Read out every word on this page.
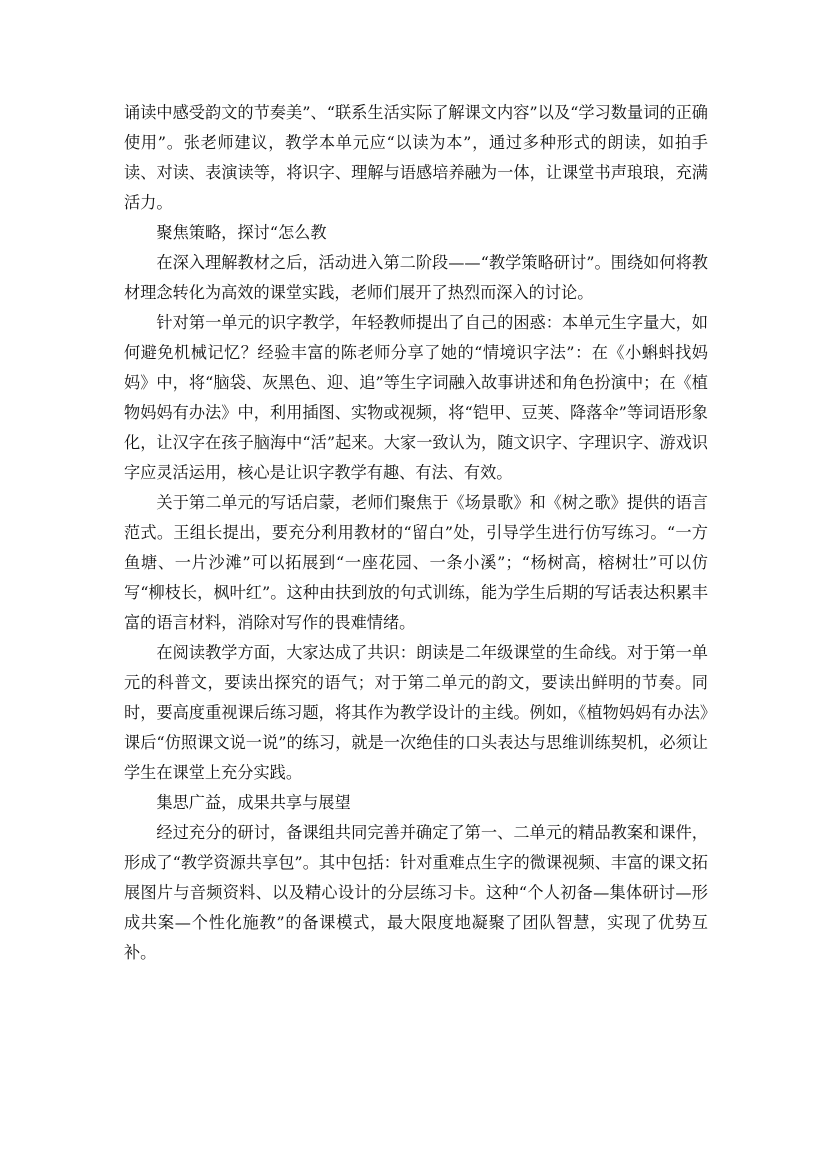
诵读中感受韵文的节奏美”、“联系生活实际了解课文内容”以及“学习数量词的正确使用”。张老师建议，教学本单元应“以读为本”，通过多种形式的朗读，如拍手读、对读、表演读等，将识字、理解与语感培养融为一体，让课堂书声琅琅，充满活力。

聚焦策略，探讨“怎么教

在深入理解教材之后，活动进入第二阶段——“教学策略研讨”。围绕如何将教材理念转化为高效的课堂实践，老师们展开了热烈而深入的讨论。

针对第一单元的识字教学，年轻教师提出了自己的困惑：本单元生字量大，如何避免机械记忆？经验丰富的陈老师分享了她的“情境识字法”：在《小蝌蚪找妈妈》中，将“脑袋、灰黑色、迎、追”等生字词融入故事讲述和角色扮演中；在《植物妈妈有办法》中，利用插图、实物或视频，将“铠甲、豆荚、降落伞”等词语形象化，让汉字在孩子脑海中“活”起来。大家一致认为，随文识字、字理识字、游戏识字应灵活运用，核心是让识字教学有趣、有法、有效。

关于第二单元的写话启蒙，老师们聚焦于《场景歌》和《树之歌》提供的语言范式。王组长提出，要充分利用教材的“留白”处，引导学生进行仿写练习。“一方鱼塘、一片沙滩”可以拓展到“一座花园、一条小溪”；“杨树高，榕树壮”可以仿写“柳枝长，枫叶红”。这种由扶到放的句式训练，能为学生后期的写话表达积累丰富的语言材料，消除对写作的畏难情绪。

在阅读教学方面，大家达成了共识：朗读是二年级课堂的生命线。对于第一单元的科普文，要读出探究的语气；对于第二单元的韵文，要读出鲜明的节奏。同时，要高度重视课后练习题，将其作为教学设计的主线。例如，《植物妈妈有办法》课后“仿照课文说一说”的练习，就是一次绝佳的口头表达与思维训练契机，必须让学生在课堂上充分实践。

集思广益，成果共享与展望

经过充分的研讨，备课组共同完善并确定了第一、二单元的精品教案和课件，形成了“教学资源共享包”。其中包括：针对重难点生字的微课视频、丰富的课文拓展图片与音频资料、以及精心设计的分层练习卡。这种“个人初备—集体研讨—形成共案—个性化施教”的备课模式，最大限度地凝聚了团队智慧，实现了优势互补。
